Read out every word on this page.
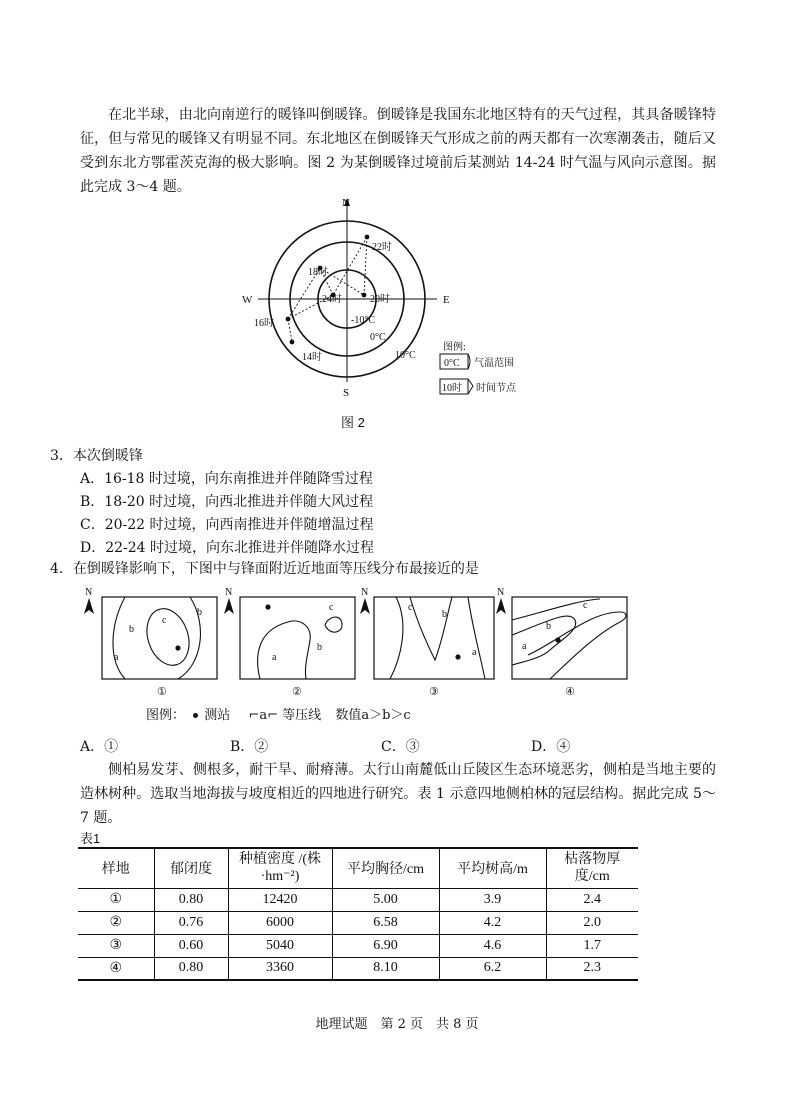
在北半球，由北向南逆行的暖锋叫倒暖锋。倒暖锋是我国东北地区特有的天气过程，其具备暖锋特征，但与常见的暖锋又有明显不同。东北地区在倒暖锋天气形成之前的两天都有一次寒潮袭击，随后又受到东北方鄂霍茨克海的极大影响。图 2 为某倒暖锋过境前后某测站 14-24 时气温与风向示意图。据此完成 3～4 题。

N
S
E
W
14时
16时
18时
20时
22时
24时
-10°C
0°C
10°C
图例:
0°C 气温范围
10时 时间节点
图 2
3．本次倒暖锋
A．16-18 时过境，向东南推进并伴随降雪过程
B．18-20 时过境，向西北推进并伴随大风过程
C．20-22 时过境，向西南推进并伴随增温过程
D．22-24 时过境，向东北推进并伴随降水过程
4．在倒暖锋影响下，下图中与锋面附近近地面等压线分布最接近的是
N	N	N	N
c
b
b
a
①
c
b
a
②
c
b
a
③
c
b
a
④
图例： 测站 ⌐a⌐ 等压线 数值a＞b＞c
A．①	B．②	C．③	D．④

侧柏易发芽、侧根多，耐干旱、耐瘠薄。太行山南麓低山丘陵区生态环境恶劣，侧柏是当地主要的造林树种。选取当地海拔与坡度相近的四地进行研究。表 1 示意四地侧柏林的冠层结构。据此完成 5～7 题。

表1
样地	郁闭度	种植密度 /(株·hm⁻²)	平均胸径/cm	平均树高/m	枯落物厚 度/cm
①	0.80	12420	5.00	3.9	2.4
②	0.76	6000	6.58	4.2	2.0
③	0.60	5040	6.90	4.6	1.7
④	0.80	3360	8.10	6.2	2.3
地理试题　第 2 页　共 8 页
